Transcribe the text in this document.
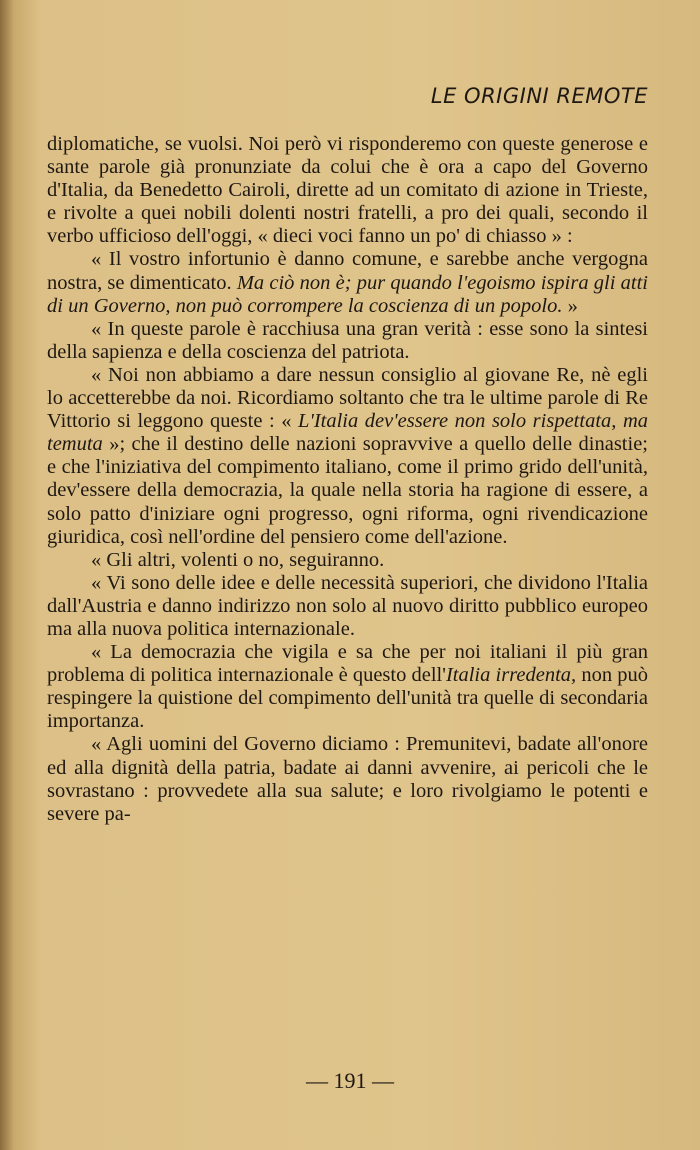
LE ORIGINI REMOTE

diplomatiche, se vuolsi. Noi però vi risponderemo con queste generose e sante parole già pronunziate da colui che è ora a capo del Governo d'Italia, da Benedetto Cairoli, dirette ad un comitato di azione in Trieste, e rivolte a quei nobili dolenti nostri fratelli, a pro dei quali, secondo il verbo ufficioso dell'oggi, « dieci voci fanno un po' di chiasso » :

« Il vostro infortunio è danno comune, e sarebbe anche vergogna nostra, se dimenticato. Ma ciò non è; pur quando l'egoismo ispira gli atti di un Governo, non può corrompere la coscienza di un popolo. »

« In queste parole è racchiusa una gran verità : esse sono la sintesi della sapienza e della coscienza del patriota.

« Noi non abbiamo a dare nessun consiglio al giovane Re, nè egli lo accetterebbe da noi. Ricordiamo soltanto che tra le ultime parole di Re Vittorio si leggono queste : « L'Italia dev'essere non solo rispettata, ma temuta »; che il destino delle nazioni sopravvive a quello delle dinastie; e che l'iniziativa del compimento italiano, come il primo grido dell'unità, dev'essere della democrazia, la quale nella storia ha ragione di essere, a solo patto d'iniziare ogni progresso, ogni riforma, ogni rivendicazione giuridica, così nell'ordine del pensiero come dell'azione.

« Gli altri, volenti o no, seguiranno.

« Vi sono delle idee e delle necessità superiori, che dividono l'Italia dall'Austria e danno indirizzo non solo al nuovo diritto pubblico europeo ma alla nuova politica internazionale.

« La democrazia che vigila e sa che per noi italiani il più gran problema di politica internazionale è questo dell'Italia irredenta, non può respingere la quistione del compimento dell'unità tra quelle di secondaria importanza.

« Agli uomini del Governo diciamo : Premunitevi, badate all'onore ed alla dignità della patria, badate ai danni avvenire, ai pericoli che le sovrastano : provvedete alla sua salute; e loro rivolgiamo le potenti e severe pa-

— 191 —
